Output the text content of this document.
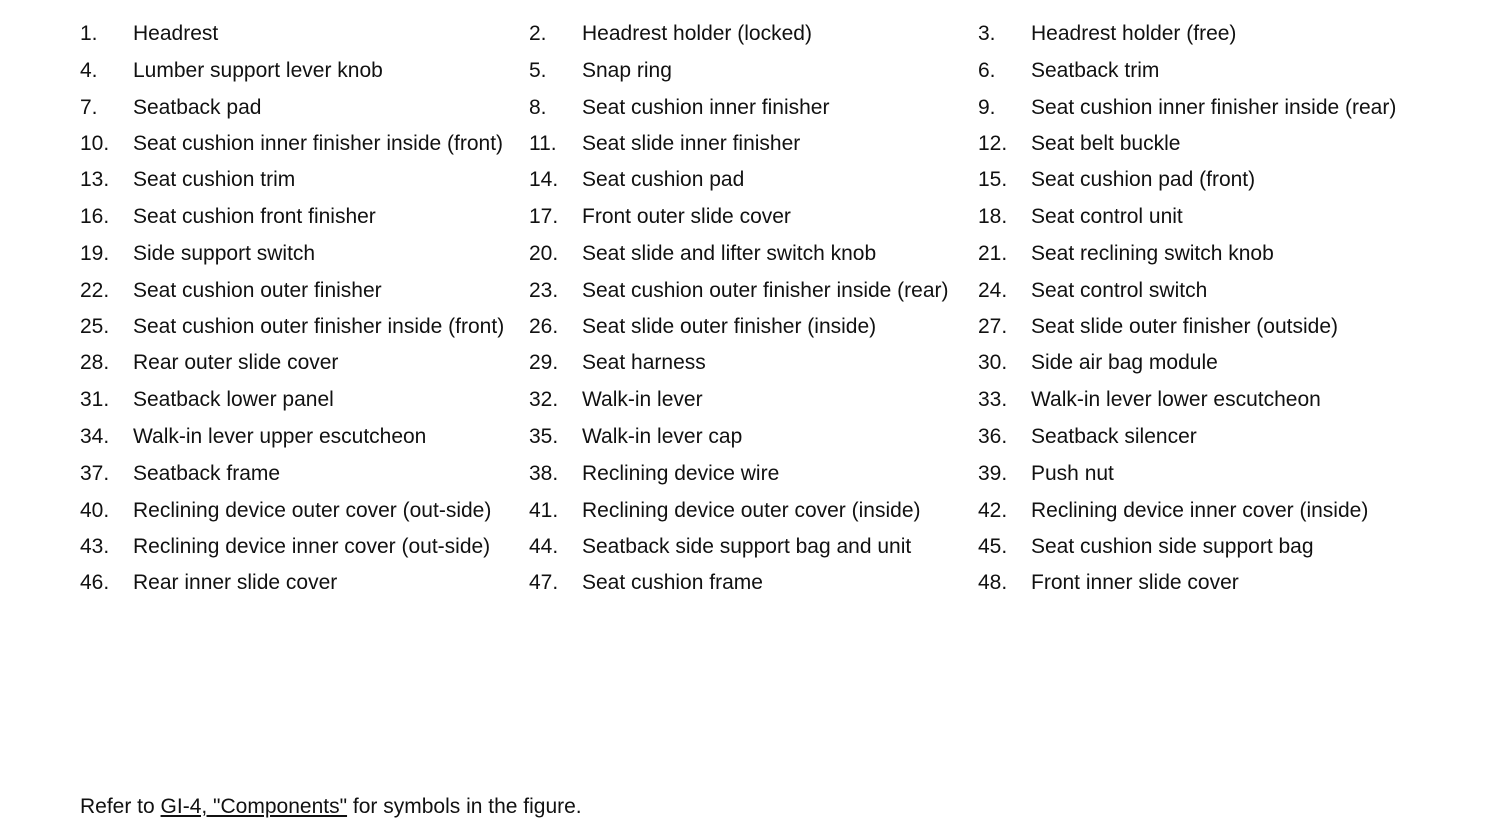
1.	Headrest	2.	Headrest holder (locked)	3.	Headrest holder (free)
4.	Lumber support lever knob	5.	Snap ring	6.	Seatback trim
7.	Seatback pad	8.	Seat cushion inner finisher	9.	Seat cushion inner finisher inside (rear)
10.	Seat cushion inner finisher inside (front)	11.	Seat slide inner finisher	12.	Seat belt buckle
13.	Seat cushion trim	14.	Seat cushion pad	15.	Seat cushion pad (front)
16.	Seat cushion front finisher	17.	Front outer slide cover	18.	Seat control unit
19.	Side support switch	20.	Seat slide and lifter switch knob	21.	Seat reclining switch knob
22.	Seat cushion outer finisher	23.	Seat cushion outer finisher inside (rear)	24.	Seat control switch
25.	Seat cushion outer finisher inside (front)	26.	Seat slide outer finisher (inside)	27.	Seat slide outer finisher (outside)
28.	Rear outer slide cover	29.	Seat harness	30.	Side air bag module
31.	Seatback lower panel	32.	Walk-in lever	33.	Walk-in lever lower escutcheon
34.	Walk-in lever upper escutcheon	35.	Walk-in lever cap	36.	Seatback silencer
37.	Seatback frame	38.	Reclining device wire	39.	Push nut
40.	Reclining device outer cover (out-side)	41.	Reclining device outer cover (inside)	42.	Reclining device inner cover (inside)
43.	Reclining device inner cover (out-side)	44.	Seatback side support bag and unit	45.	Seat cushion side support bag
46.	Rear inner slide cover	47.	Seat cushion frame	48.	Front inner slide cover
Refer to GI-4, "Components" for symbols in the figure.
